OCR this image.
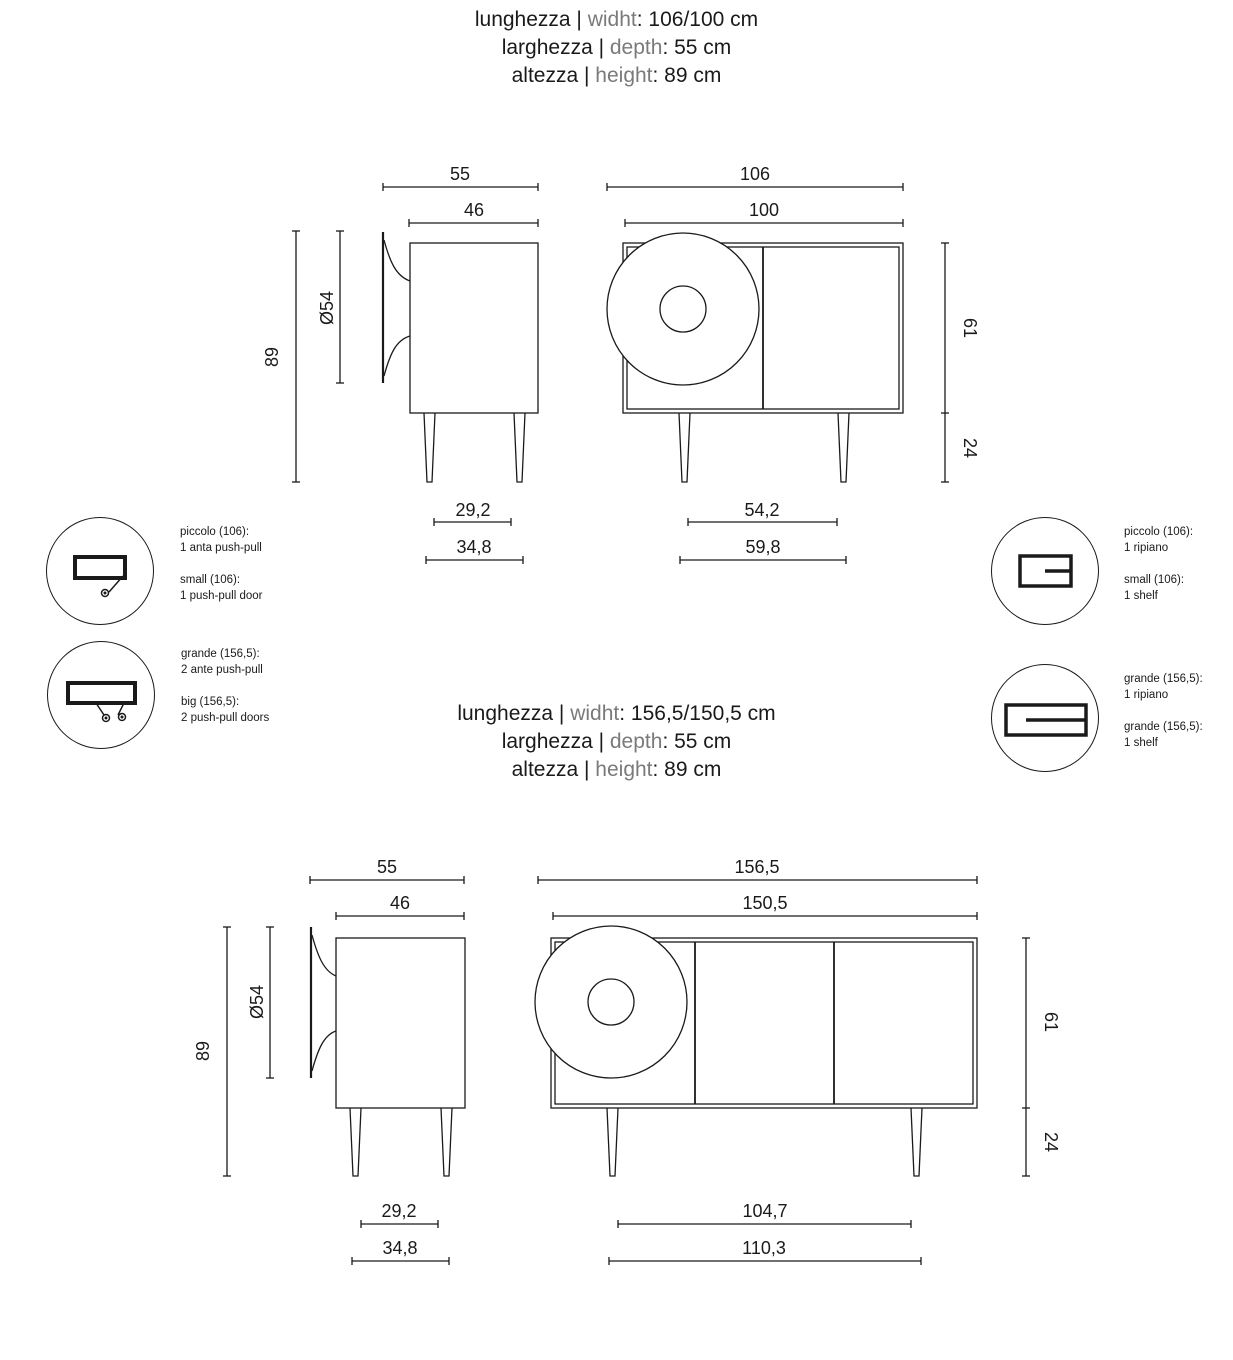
lunghezza | widht: 106/100 cm
larghezza | depth: 55 cm
altezza | height: 89 cm
lunghezza | widht: 156,5/150,5 cm
larghezza | depth: 55 cm
altezza | height: 89 cm
55
46
89
Ø54
106
100
61
24
29,2
34,8
54,2
59,8
55
46
89
Ø54
156,5
150,5
61
24
29,2
34,8
104,7
110,3
piccolo (106):
1 anta push-pull
small (106):
1 push-pull door
grande (156,5):
2 ante push-pull
big (156,5):
2 push-pull doors
piccolo (106):
1 ripiano
small (106):
1 shelf
grande (156,5):
1 ripiano
grande (156,5):
1 shelf
